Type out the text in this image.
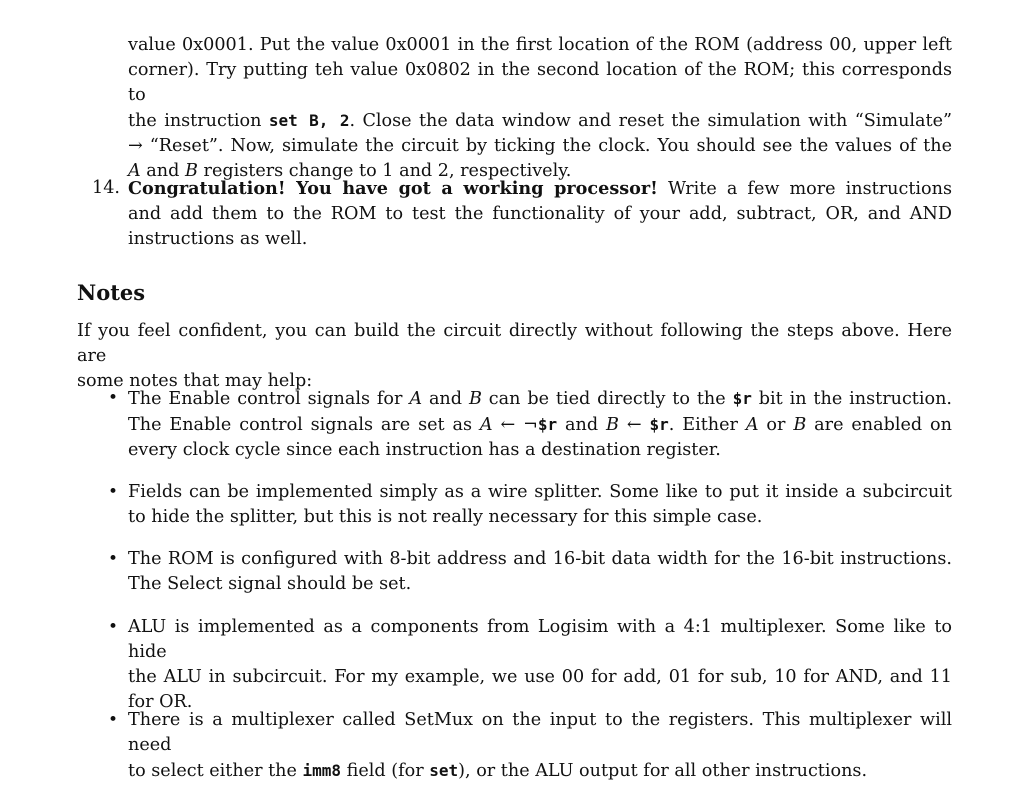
value 0x0001. Put the value 0x0001 in the first location of the ROM (address 00, upper left
corner). Try putting teh value 0x0802 in the second location of the ROM; this corresponds to
the instruction set B, 2. Close the data window and reset the simulation with “Simulate”
→ “Reset”. Now, simulate the circuit by ticking the clock. You should see the values of the
A and B registers change to 1 and 2, respectively.
14. Congratulation! You have got a working processor! Write a few more instructions
and add them to the ROM to test the functionality of your add, subtract, OR, and AND
instructions as well.
Notes
If you feel confident, you can build the circuit directly without following the steps above. Here are
some notes that may help:
• The Enable control signals for A and B can be tied directly to the $r bit in the instruction.
The Enable control signals are set as A ← ¬$r and B ← $r. Either A or B are enabled on
every clock cycle since each instruction has a destination register.
• Fields can be implemented simply as a wire splitter. Some like to put it inside a subcircuit
to hide the splitter, but this is not really necessary for this simple case.
• The ROM is configured with 8-bit address and 16-bit data width for the 16-bit instructions.
The Select signal should be set.
• ALU is implemented as a components from Logisim with a 4:1 multiplexer. Some like to hide
the ALU in subcircuit. For my example, we use 00 for add, 01 for sub, 10 for AND, and 11
for OR.
• There is a multiplexer called SetMux on the input to the registers. This multiplexer will need
to select either the imm8 field (for set), or the ALU output for all other instructions.
